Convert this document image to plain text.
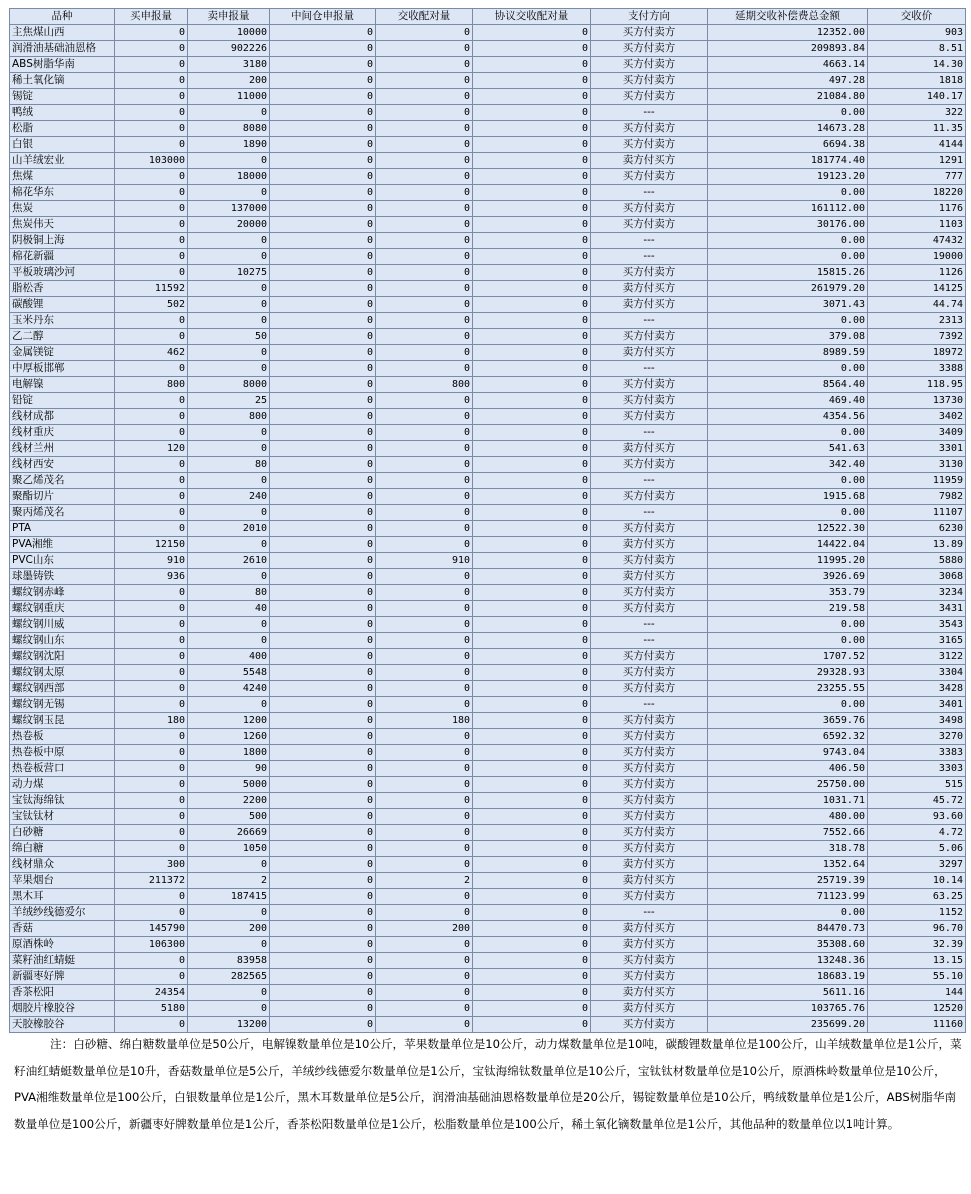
品种	买申报量	卖申报量	中间仓申报量	交收配对量	协议交收配对量	支付方向	延期交收补偿费总金额	交收价
主焦煤山西	0	10000	0	0	0	买方付卖方	12352.00	903
润滑油基础油恩格	0	902226	0	0	0	买方付卖方	209893.84	8.51
ABS树脂华南	0	3180	0	0	0	买方付卖方	4663.14	14.30
稀土氧化镝	0	200	0	0	0	买方付卖方	497.28	1818
锡锭	0	11000	0	0	0	买方付卖方	21084.80	140.17
鸭绒	0	0	0	0	0	---	0.00	322
松脂	0	8080	0	0	0	买方付卖方	14673.28	11.35
白银	0	1890	0	0	0	买方付卖方	6694.38	4144
山羊绒宏业	103000	0	0	0	0	卖方付买方	181774.40	1291
焦煤	0	18000	0	0	0	买方付卖方	19123.20	777
棉花华东	0	0	0	0	0	---	0.00	18220
焦炭	0	137000	0	0	0	买方付卖方	161112.00	1176
焦炭伟天	0	20000	0	0	0	买方付卖方	30176.00	1103
阴极铜上海	0	0	0	0	0	---	0.00	47432
棉花新疆	0	0	0	0	0	---	0.00	19000
平板玻璃沙河	0	10275	0	0	0	买方付卖方	15815.26	1126
脂松香	11592	0	0	0	0	卖方付买方	261979.20	14125
碳酸锂	502	0	0	0	0	卖方付买方	3071.43	44.74
玉米丹东	0	0	0	0	0	---	0.00	2313
乙二醇	0	50	0	0	0	买方付卖方	379.08	7392
金属镁锭	462	0	0	0	0	卖方付买方	8989.59	18972
中厚板邯郸	0	0	0	0	0	---	0.00	3388
电解镍	800	8000	0	800	0	买方付卖方	8564.40	118.95
铅锭	0	25	0	0	0	买方付卖方	469.40	13730
线材成都	0	800	0	0	0	买方付卖方	4354.56	3402
线材重庆	0	0	0	0	0	---	0.00	3409
线材兰州	120	0	0	0	0	卖方付买方	541.63	3301
线材西安	0	80	0	0	0	买方付卖方	342.40	3130
聚乙烯茂名	0	0	0	0	0	---	0.00	11959
聚酯切片	0	240	0	0	0	买方付卖方	1915.68	7982
聚丙烯茂名	0	0	0	0	0	---	0.00	11107
PTA	0	2010	0	0	0	买方付卖方	12522.30	6230
PVA湘维	12150	0	0	0	0	卖方付买方	14422.04	13.89
PVC山东	910	2610	0	910	0	买方付卖方	11995.20	5880
球墨铸铁	936	0	0	0	0	卖方付买方	3926.69	3068
螺纹钢赤峰	0	80	0	0	0	买方付卖方	353.79	3234
螺纹钢重庆	0	40	0	0	0	买方付卖方	219.58	3431
螺纹钢川威	0	0	0	0	0	---	0.00	3543
螺纹钢山东	0	0	0	0	0	---	0.00	3165
螺纹钢沈阳	0	400	0	0	0	买方付卖方	1707.52	3122
螺纹钢太原	0	5548	0	0	0	买方付卖方	29328.93	3304
螺纹钢西部	0	4240	0	0	0	买方付卖方	23255.55	3428
螺纹钢无锡	0	0	0	0	0	---	0.00	3401
螺纹钢玉昆	180	1200	0	180	0	买方付卖方	3659.76	3498
热卷板	0	1260	0	0	0	买方付卖方	6592.32	3270
热卷板中原	0	1800	0	0	0	买方付卖方	9743.04	3383
热卷板营口	0	90	0	0	0	买方付卖方	406.50	3303
动力煤	0	5000	0	0	0	买方付卖方	25750.00	515
宝钛海绵钛	0	2200	0	0	0	买方付卖方	1031.71	45.72
宝钛钛材	0	500	0	0	0	买方付卖方	480.00	93.60
白砂糖	0	26669	0	0	0	买方付卖方	7552.66	4.72
绵白糖	0	1050	0	0	0	买方付卖方	318.78	5.06
线材鼎众	300	0	0	0	0	卖方付买方	1352.64	3297
苹果烟台	211372	2	0	2	0	卖方付买方	25719.39	10.14
黑木耳	0	187415	0	0	0	买方付卖方	71123.99	63.25
羊绒纱线德爱尔	0	0	0	0	0	---	0.00	1152
香菇	145790	200	0	200	0	卖方付买方	84470.73	96.70
原酒株岭	106300	0	0	0	0	卖方付买方	35308.60	32.39
菜籽油红蜻蜓	0	83958	0	0	0	买方付卖方	13248.36	13.15
新疆枣好牌	0	282565	0	0	0	买方付卖方	18683.19	55.10
香茶松阳	24354	0	0	0	0	卖方付买方	5611.16	144
烟胶片橡胶谷	5180	0	0	0	0	卖方付买方	103765.76	12520
天胶橡胶谷	0	13200	0	0	0	买方付卖方	235699.20	11160
注：白砂糖、绵白糖数量单位是50公斤，电解镍数量单位是10公斤，苹果数量单位是10公斤，动力煤数量单位是10吨，碳酸锂数量单位是100公斤，山羊绒数量单位是1公斤，菜籽油红蜻蜓数量单位是10升，香菇数量单位是5公斤，羊绒纱线德爱尔数量单位是1公斤，宝钛海绵钛数量单位是10公斤，宝钛钛材数量单位是10公斤，原酒株岭数量单位是10公斤，PVA湘维数量单位是100公斤，白银数量单位是1公斤，黑木耳数量单位是5公斤，润滑油基础油恩格数量单位是20公斤，锡锭数量单位是10公斤，鸭绒数量单位是1公斤，ABS树脂华南数量单位是100公斤，新疆枣好牌数量单位是1公斤，香茶松阳数量单位是1公斤，松脂数量单位是100公斤，稀土氧化镝数量单位是1公斤，其他品种的数量单位以1吨计算。
